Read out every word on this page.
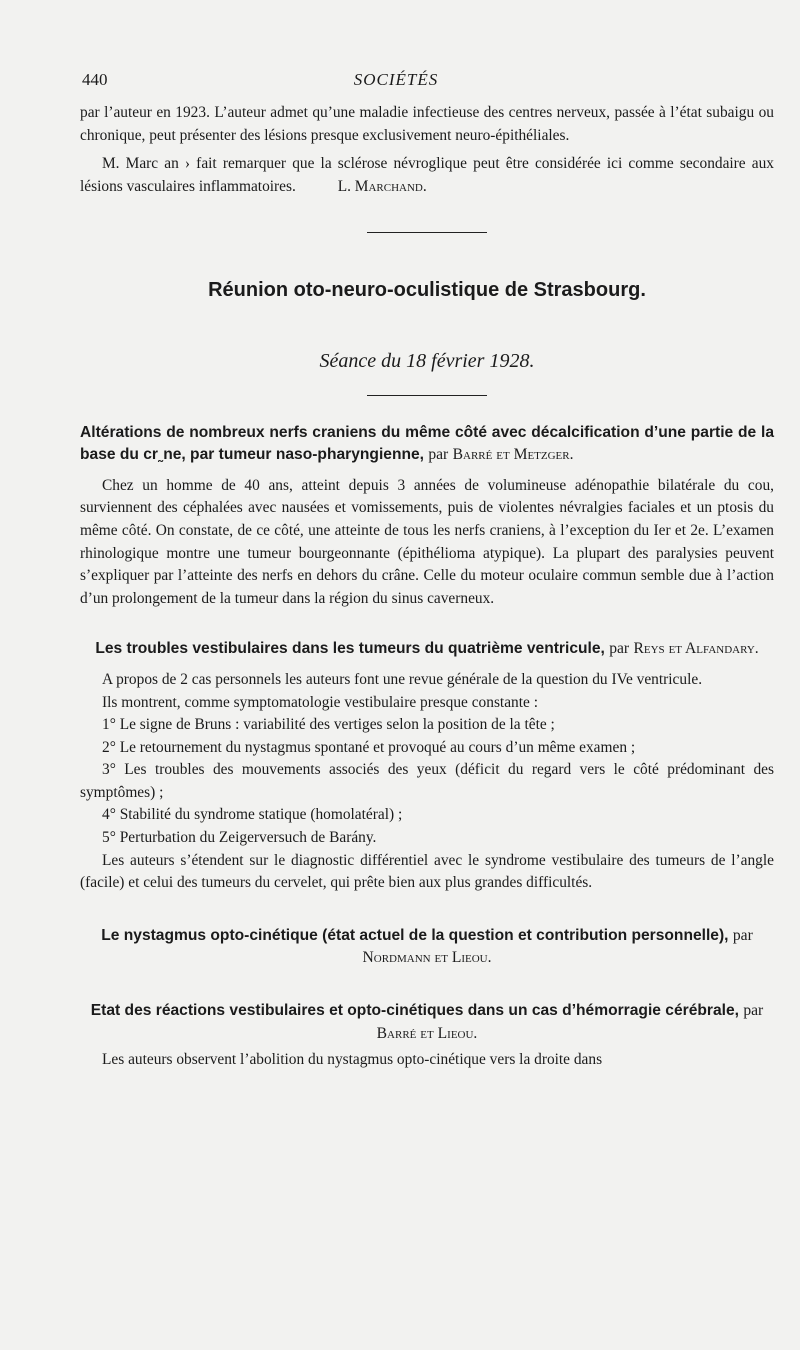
440	SOCIÉTÉS

par l’auteur en 1923. L’auteur admet qu’une maladie infectieuse des centres nerveux, passée à l’état subaigu ou chronique, peut présenter des lésions presque exclusivement neuro-épithéliales.

M. Marc an › fait remarquer que la sclérose névroglique peut être considérée ici comme secondaire aux lésions vasculaires inflammatoires.	L. Marchand.

Réunion oto-neuro-oculistique de Strasbourg.
Séance du 18 février 1928.

Altérations de nombreux nerfs craniens du même côté avec décalcification d’une partie de la base du cr˷ne, par tumeur naso-pharyngienne, par Barré et Metzger.

Chez un homme de 40 ans, atteint depuis 3 années de volumineuse adénopathie bilatérale du cou, surviennent des céphalées avec nausées et vomissements, puis de violentes névralgies faciales et un ptosis du même côté. On constate, de ce côté, une atteinte de tous les nerfs craniens, à l’exception du Ier et 2e. L’examen rhinologique montre une tumeur bourgeonnante (épithélioma atypique). La plupart des paralysies peuvent s’expliquer par l’atteinte des nerfs en dehors du crâne. Celle du moteur oculaire commun semble due à l’action d’un prolongement de la tumeur dans la région du sinus caverneux.

Les troubles vestibulaires dans les tumeurs du quatrième ventricule, par Reys et Alfandary.

A propos de 2 cas personnels les auteurs font une revue générale de la question du IVe ventricule.

Ils montrent, comme symptomatologie vestibulaire presque constante :

1° Le signe de Bruns : variabilité des vertiges selon la position de la tête ;

2° Le retournement du nystagmus spontané et provoqué au cours d’un même examen ;

3° Les troubles des mouvements associés des yeux (déficit du regard vers le côté prédominant des symptômes) ;

4° Stabilité du syndrome statique (homolatéral) ;

5° Perturbation du Zeigerversuch de Barány.

Les auteurs s’étendent sur le diagnostic différentiel avec le syndrome vestibulaire des tumeurs de l’angle (facile) et celui des tumeurs du cervelet, qui prête bien aux plus grandes difficultés.

Le nystagmus opto-cinétique (état actuel de la question et contribution personnelle), par Nordmann et Lieou.

Etat des réactions vestibulaires et opto-cinétiques dans un cas d’hémorragie cérébrale, par Barré et Lieou.

Les auteurs observent l’abolition du nystagmus opto-cinétique vers la droite dans
